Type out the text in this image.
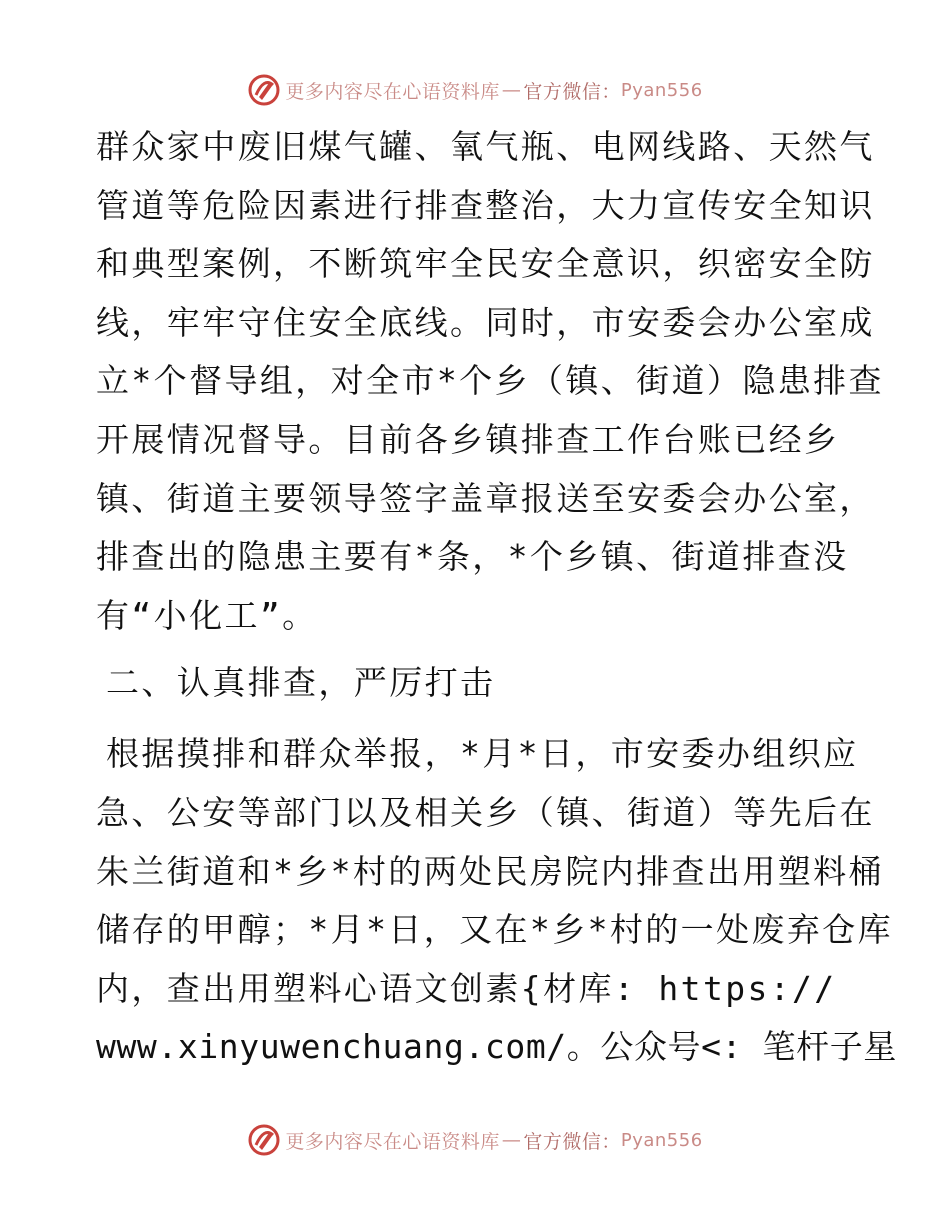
更多内容尽在心语资料库 — 官方微信： Pyan556
群众家中废旧煤气罐、氧气瓶、电网线路、天然气
管道等危险因素进行排查整治，大力宣传安全知识
和典型案例，不断筑牢全民安全意识，织密安全防
线，牢牢守住安全底线。同时，市安委会办公室成
立*个督导组，对全市*个乡（镇、街道）隐患排查
开展情况督导。目前各乡镇排查工作台账已经乡
镇、街道主要领导签字盖章报送至安委会办公室，
排查出的隐患主要有*条，*个乡镇、街道排查没
有“小化工”。
二、认真排查，严厉打击
根据摸排和群众举报，*月*日，市安委办组织应
急、公安等部门以及相关乡（镇、街道）等先后在
朱兰街道和*乡*村的两处民房院内排查出用塑料桶
储存的甲醇；*月*日，又在*乡*村的一处废弃仓库
内，查出用塑料心语文创素{材库: https://
www.xinyuwenchuang.com/。公众号<: 笔杆子星
更多内容尽在心语资料库 — 官方微信： Pyan556
